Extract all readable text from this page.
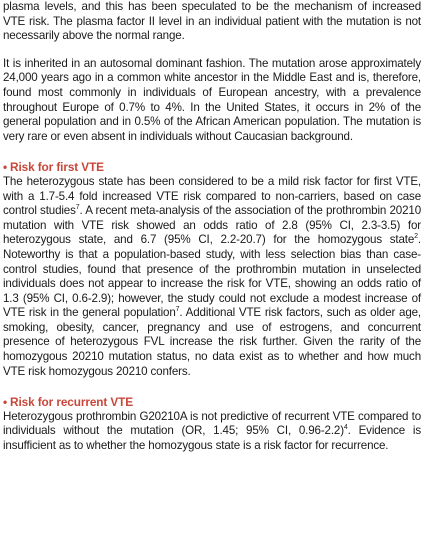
plasma levels, and this has been speculated to be the mechanism of increased VTE risk. The plasma factor II level in an individual patient with the mutation is not necessarily above the normal range.

It is inherited in an autosomal dominant fashion. The mutation arose approximately 24,000 years ago in a common white ancestor in the Middle East and is, therefore, found most commonly in individuals of European ancestry, with a prevalence throughout Europe of 0.7% to 4%. In the United States, it occurs in 2% of the general population and in 0.5% of the African American population. The mutation is very rare or even absent in individuals without Caucasian background.

• Risk for first VTE

The heterozygous state has been considered to be a mild risk factor for first VTE, with a 1.7-5.4 fold increased VTE risk compared to non-carriers, based on case control studies$^7$. A recent meta-analysis of the association of the prothrombin 20210 mutation with VTE risk showed an odds ratio of 2.8 (95% CI, 2.3-3.5) for heterozygous state, and 6.7 (95% CI, 2.2-20.7) for the homozygous state$^2$. Noteworthy is that a population-based study, with less selection bias than case-control studies, found that presence of the prothrombin mutation in unselected individuals does not appear to increase the risk for VTE, showing an odds ratio of 1.3 (95% CI, 0.6-2.9); however, the study could not exclude a modest increase of VTE risk in the general population$^7$. Additional VTE risk factors, such as older age, smoking, obesity, cancer, pregnancy and use of estrogens, and concurrent presence of heterozygous FVL increase the risk further. Given the rarity of the homozygous 20210 mutation status, no data exist as to whether and how much VTE risk homozygous 20210 confers.

• Risk for recurrent VTE

Heterozygous prothrombin G20210A is not predictive of recurrent VTE compared to individuals without the mutation (OR, 1.45; 95% CI, 0.96-2.2)$^4$. Evidence is insufficient as to whether the homozygous state is a risk factor for recurrence.
